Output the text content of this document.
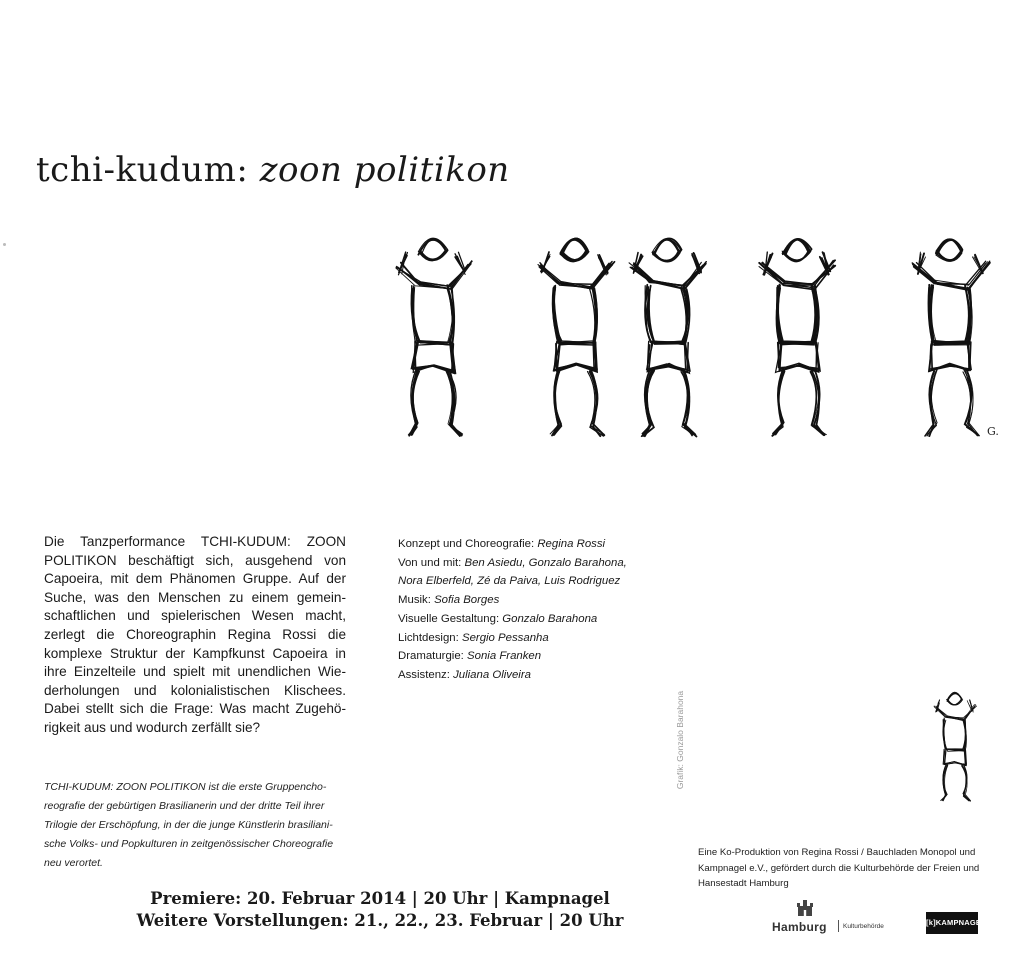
tchi-kudum: zoon politikon
G.
Die Tanzperformance TCHI-KUDUM: ZOON POLITIKON beschäftigt sich, ausgehend von Capoeira, mit dem Phänomen Gruppe. Auf der Suche, was den Menschen zu einem gemeinschaftlichen und spielerischen Wesen macht, zerlegt die Choreographin Regina Rossi die komplexe Struktur der Kampfkunst Capoeira in ihre Einzelteile und spielt mit unendlichen Wiederholungen und kolonialistischen Klischees. Dabei stellt sich die Frage: Was macht Zugehörigkeit aus und wodurch zerfällt sie?
TCHI-KUDUM: ZOON POLITIKON ist die erste Gruppenchoreografie der gebürtigen Brasilianerin und der dritte Teil ihrer Trilogie der Erschöpfung, in der die junge Künstlerin brasilianische Volks- und Popkulturen in zeitgenössischer Choreografie neu verortet.
Konzept und Choreografie: Regina Rossi
Von und mit: Ben Asiedu, Gonzalo Barahona,
Nora Elberfeld, Zé da Paiva, Luis Rodriguez
Musik: Sofia Borges
Visuelle Gestaltung: Gonzalo Barahona
Lichtdesign: Sergio Pessanha
Dramaturgie: Sonia Franken
Assistenz: Juliana Oliveira
Grafik: Gonzalo Barahona
Eine Ko-Produktion von Regina Rossi / Bauchladen Monopol und Kampnagel e.V., gefördert durch die Kulturbehörde der Freien und Hansestadt Hamburg
Premiere: 20. Februar 2014 | 20 Uhr | Kampnagel
Weitere Vorstellungen: 21., 22., 23. Februar | 20 Uhr	Hamburg Kulturbehörde	[k]KAMPNAGEL
